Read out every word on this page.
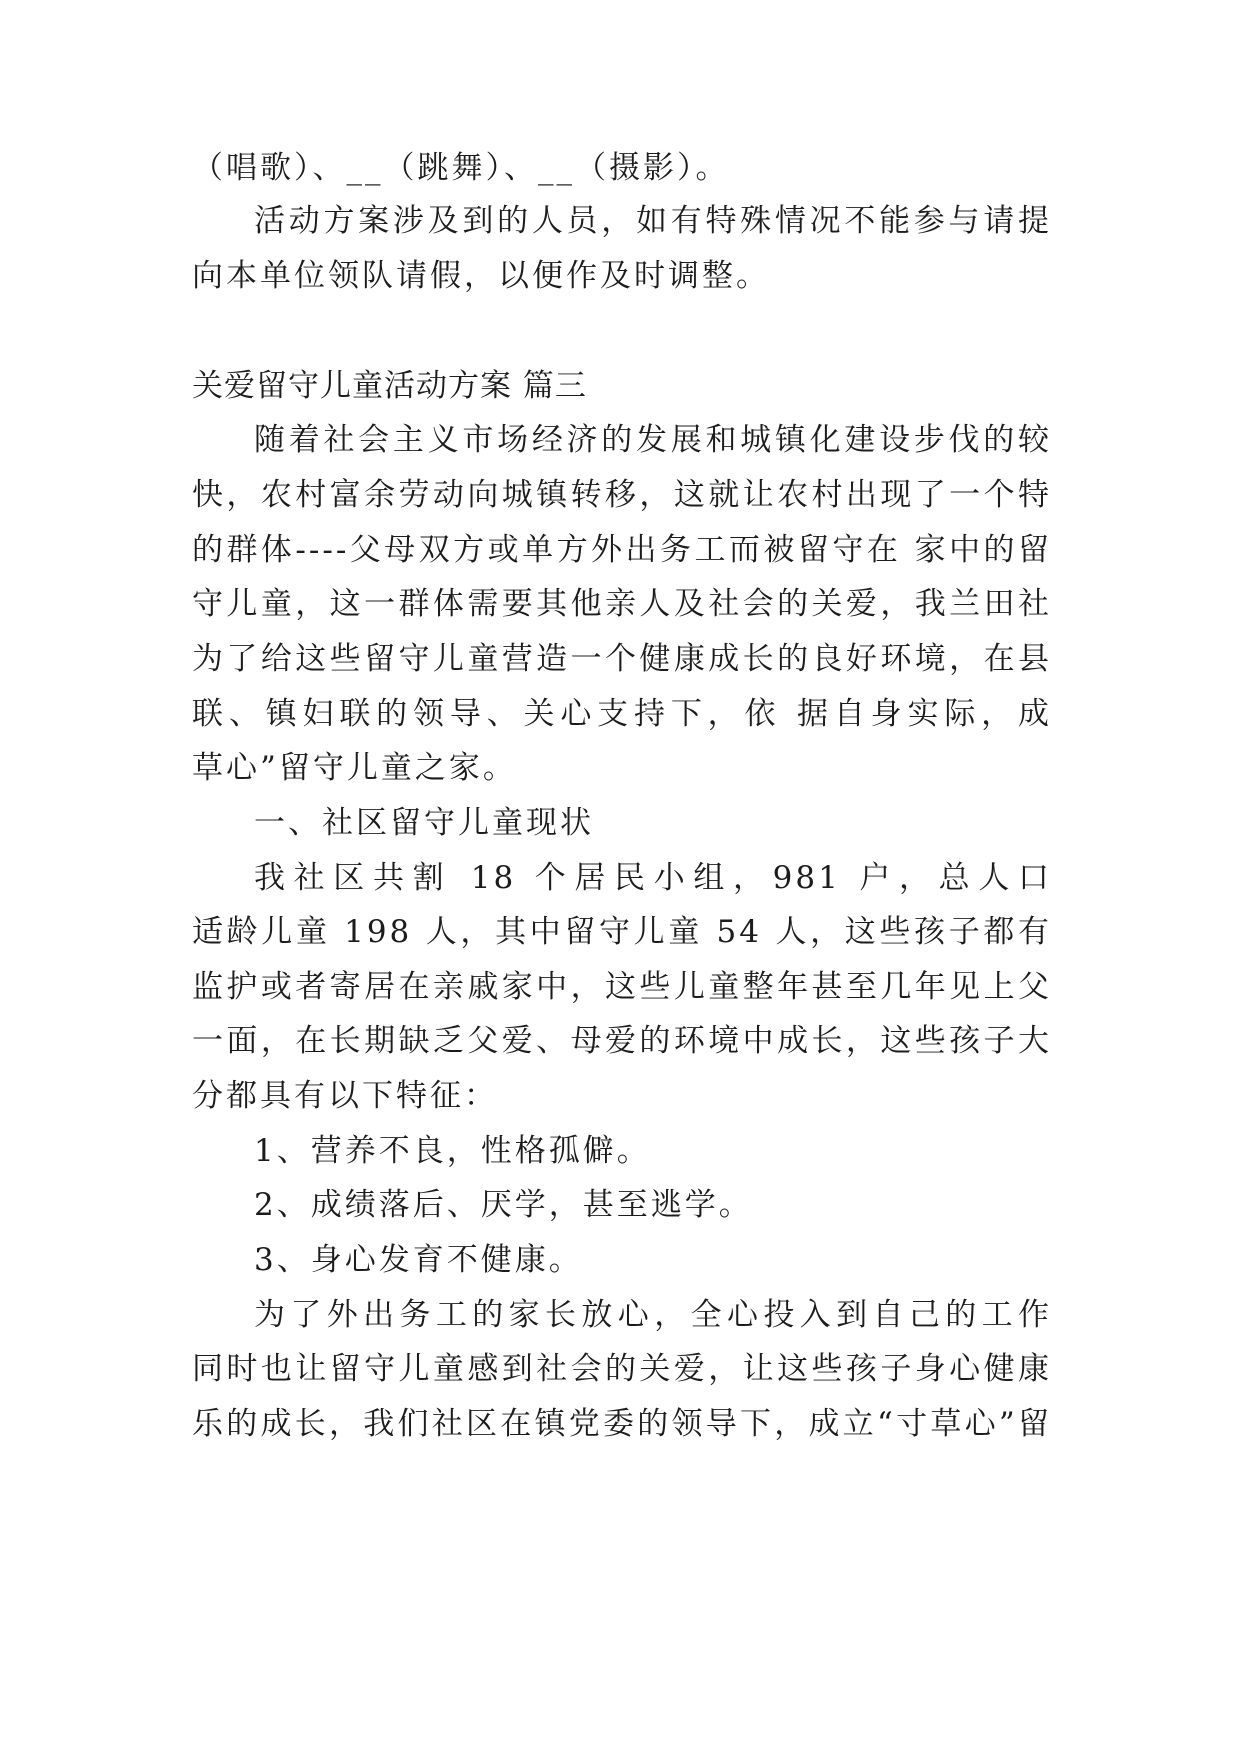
（唱歌）、__（跳舞）、__（摄影）。
活动方案涉及到的人员，如有特殊情况不能参与请提
向本单位领队请假，以便作及时调整。
关爱留守儿童活动方案 篇三
随着社会主义市场经济的发展和城镇化建设步伐的较
快，农村富余劳动向城镇转移，这就让农村出现了一个特
的群体----父母双方或单方外出务工而被留守在 家中的留
守儿童，这一群体需要其他亲人及社会的关爱，我兰田社
为了给这些留守儿童营造一个健康成长的良好环境，在县
联、镇妇联的领导、关心支持下，依 据自身实际，成
草心”留守儿童之家。
一、社区留守儿童现状
我社区共割 18 个居民小组，981 户，总人口
适龄儿童 198 人，其中留守儿童 54 人，这些孩子都有
监护或者寄居在亲戚家中，这些儿童整年甚至几年见上父
一面，在长期缺乏父爱、母爱的环境中成长，这些孩子大
分都具有以下特征：
1、营养不良，性格孤僻。
2、成绩落后、厌学，甚至逃学。
3、身心发育不健康。
为了外出务工的家长放心，全心投入到自己的工作
同时也让留守儿童感到社会的关爱，让这些孩子身心健康
乐的成长，我们社区在镇党委的领导下，成立“寸草心”留
